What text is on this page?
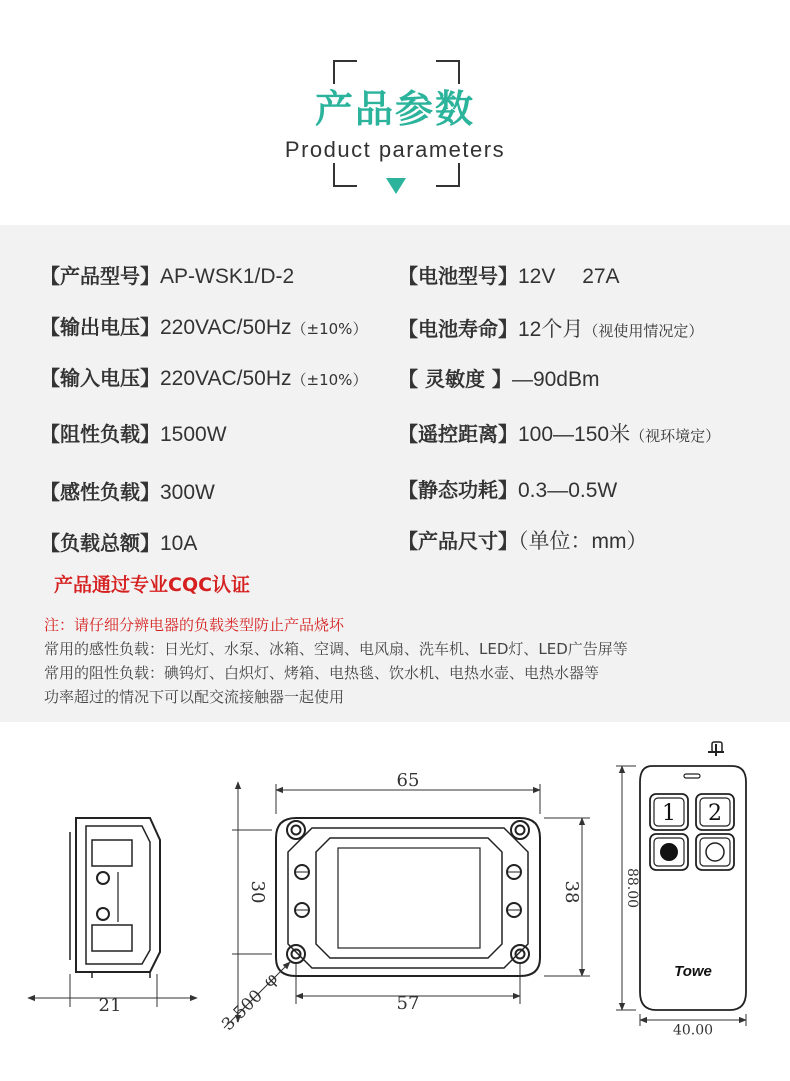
产品参数
Product parameters
【产品型号】AP-WSK1/D-2
【输出电压】220VAC/50Hz（±10%）
【输入电压】220VAC/50Hz（±10%）
【阻性负载】1500W
【感性负载】300W
【负载总额】10A
【电池型号】12V　 27A
【电池寿命】12个月（视使用情况定）
【 灵敏度 】—90dBm
【遥控距离】100—150米（视环境定）
【静态功耗】0.3—0.5W
【产品尺寸】（单位：mm）
产品通过专业CQC认证
注：请仔细分辨电器的负载类型防止产品烧坏
常用的感性负载：日光灯、水泵、冰箱、空调、电风扇、洗车机、LED灯、LED广告屏等
常用的阻性负载：碘钨灯、白炽灯、烤箱、电热毯、饮水机、电热水壶、电热水器等
功率超过的情况下可以配交流接触器一起使用
21
65
30	38
57
3.500
φ
1 2
Towe
88.00
40.00
